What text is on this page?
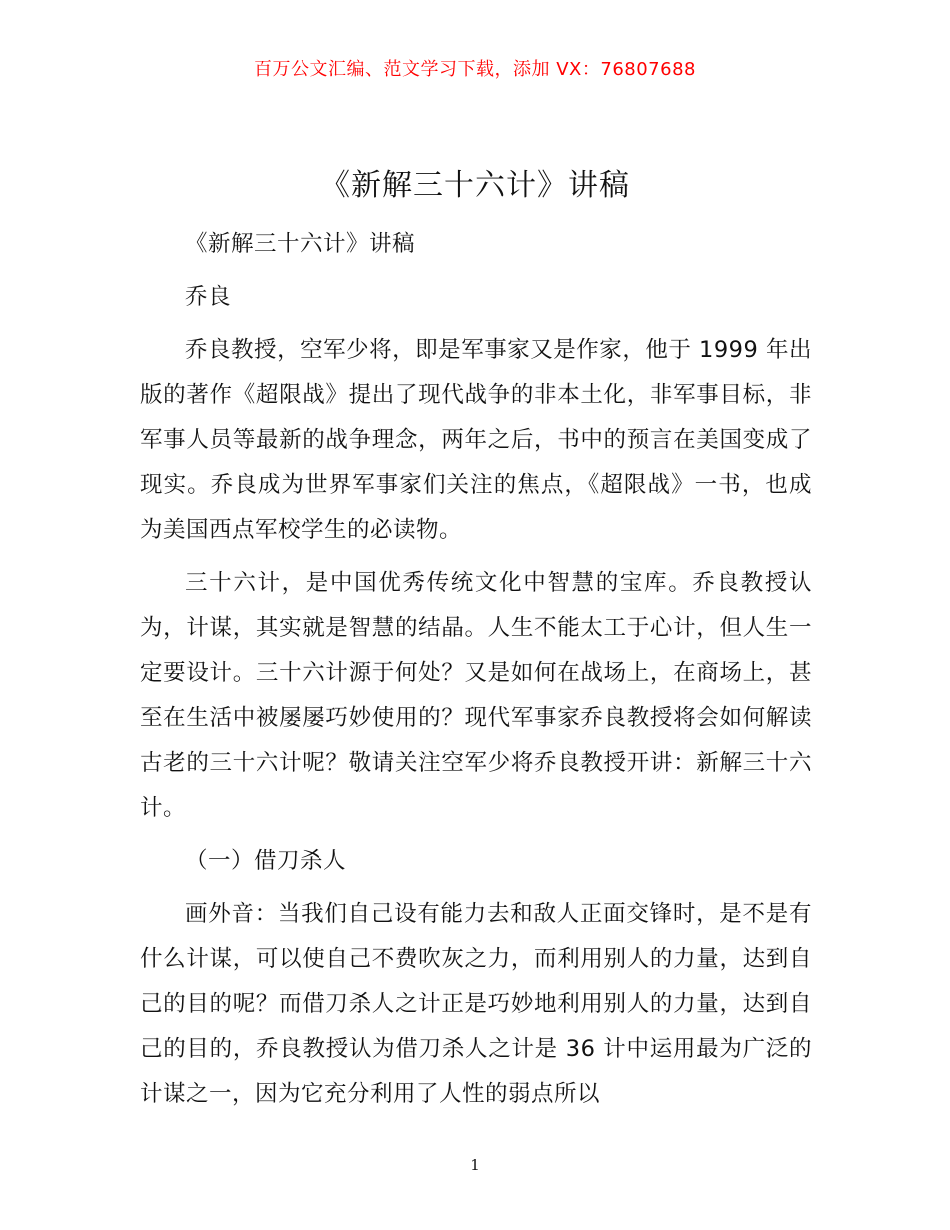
百万公文汇编、范文学习下载，添加 VX：76807688
《新解三十六计》讲稿

《新解三十六计》讲稿

乔良

乔良教授，空军少将，即是军事家又是作家，他于 1999 年出版的著作《超限战》提出了现代战争的非本土化，非军事目标，非军事人员等最新的战争理念，两年之后，书中的预言在美国变成了现实。乔良成为世界军事家们关注的焦点，《超限战》一书，也成为美国西点军校学生的必读物。

三十六计，是中国优秀传统文化中智慧的宝库。乔良教授认为，计谋，其实就是智慧的结晶。人生不能太工于心计，但人生一定要设计。三十六计源于何处？又是如何在战场上，在商场上，甚至在生活中被屡屡巧妙使用的？现代军事家乔良教授将会如何解读古老的三十六计呢？敬请关注空军少将乔良教授开讲：新解三十六计。

（一）借刀杀人

画外音：当我们自己设有能力去和敌人正面交锋时，是不是有什么计谋，可以使自己不费吹灰之力，而利用别人的力量，达到自己的目的呢？而借刀杀人之计正是巧妙地利用别人的力量，达到自己的目的，乔良教授认为借刀杀人之计是 36 计中运用最为广泛的计谋之一，因为它充分利用了人性的弱点所以

1
